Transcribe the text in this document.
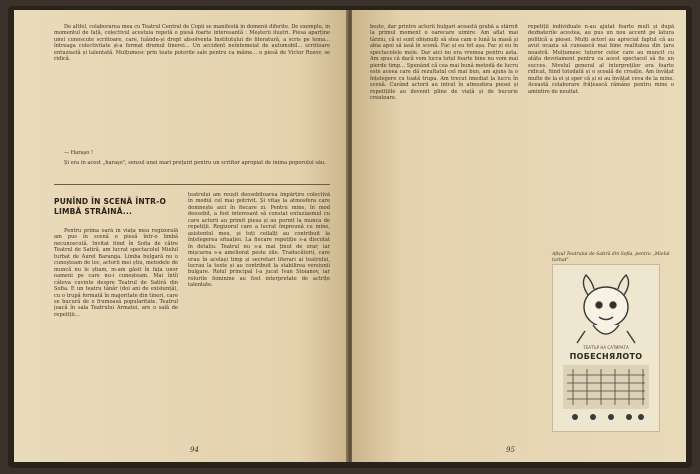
De altfel, colaborarea mea cu Teatrul Central de Copii se manifestă în domenii diferite. De exemplu, în momentul de față, colectivul acestuia repetă o piesă foarte interesantă : Meșterii iluștri. Piesa aparține unei cunoscute scriitoare, care, luându-și drept absolventa Institutului de literatură, a scris pe tema... întreaga colectivitate și-a format drumul tinerei... Un accident neîntemeiat de automobil... scriitoare entuziastă și talentată. Mulțumesc prin toate puterile sale pentru ca mâine... o piesă de Victor Rozov, se ridică.
— Harașo !
Și era în acest „harașo", sensul unei mari prețuiri pentru un scriitor apropiat de inima poporului său.
PUNÎND ÎN SCENĂ ÎNTR-O LIMBĂ STRĂINĂ...
Pentru prima oară în viața mea regizorală am pus în scenă o piesă într-o limbă necunoscută. Invitat fiind în Sofia de către Teatrul de Satiră, am lucrat spectacolul Mielul turbat de Aurel Baranga. Limba bulgară nu o cunoșteam de loc, actorii mei știu, metodele de muncă nu le știam, m-am găsit în fața unor oameni pe care nu-i cunoșteam. Mai întîi câteva cuvinte despre Teatrul de Satiră din Sofia. E un teatru tânăr (doi ani de existență), cu o trupă formată în majoritate din tineri, care se bucură de o frumoasă popularitate. Teatrul joacă în sala Teatrului Armatei, are o sală de repetiții...
teatrului am reușit deosebitoarea împărțire colectivă în modul cel mai potrivit. Și vitaș la atmosfera care domnește aici în fiecare zi. Pentru mine, în mod deosebit, a fost interesant să constat entuziasmul cu care actorii au primit piesa și au pornit la munca de repetiții. Regizorul care a lucrat împreună cu mine, asistentul meu, și toți ceilalți au contribuit la înțelegerea situației. La fiecare repetiție s-a discutat în detaliu. Teatrul nu s-a mai ținut de orar, iar mișcarea s-a ameliorat peste zile. Traducătorii, care erau în același timp și secretari literari ai teatrului, lucrau la texte și au contribuit la stabilirea versiunii bulgare. Rolul principal l-a jucat Ivan Stoianov, iar rolurile feminine au fost interpretate de actrițe talentate.
94
bește, dar printre actorii bulgari această grabă a stârnit la primul moment o oarecare uimire. Am aflat mai târziu, că ei sunt obișnuiți să stea cam o lună la masă și abia apoi să iasă în scenă. Fac și eu tot așa. Fac și eu în spectacolele mele. Dar aici nu era vremea pentru asta. Am spus că dacă vom lucra totul foarte bine nu vom mai pierde timp... Spunând că cea mai bună metodă de lucru este aceea care dă rezultatul cel mai bun, am ajuns la o înțelegere cu toată trupa. Am trecut imediat la lucru în scenă. Curând actorii au intrat în atmosfera piesei și repetițiile au devenit pline de viață și de bucurie creatoare.
repetiții individuale n-au ajutat foarte mult și după dezbaterile acestea, au pus un nou accent pe latura politică a piesei. Mulți actori au apreciat faptul că au avut ocazia să cunoască mai bine realitatea din țara noastră. Mulțumesc tuturor celor care au muncit cu atâta devotament pentru ca acest spectacol să fie un succes. Nivelul general al interpreților era foarte ridicat, fiind totodată și o școală de creație. Am învățat multe de la ei și sper că și ei au învățat ceva de la mine. Această colaborare frățească rămâne pentru mine o amintire de neuitat.
Afișul Teatrului de Satiră din Sofia, pentru „Mielul turbat"
ТЕАТЪР НА САТИРАТА
ПОБЕСНЯЛОТО
95
